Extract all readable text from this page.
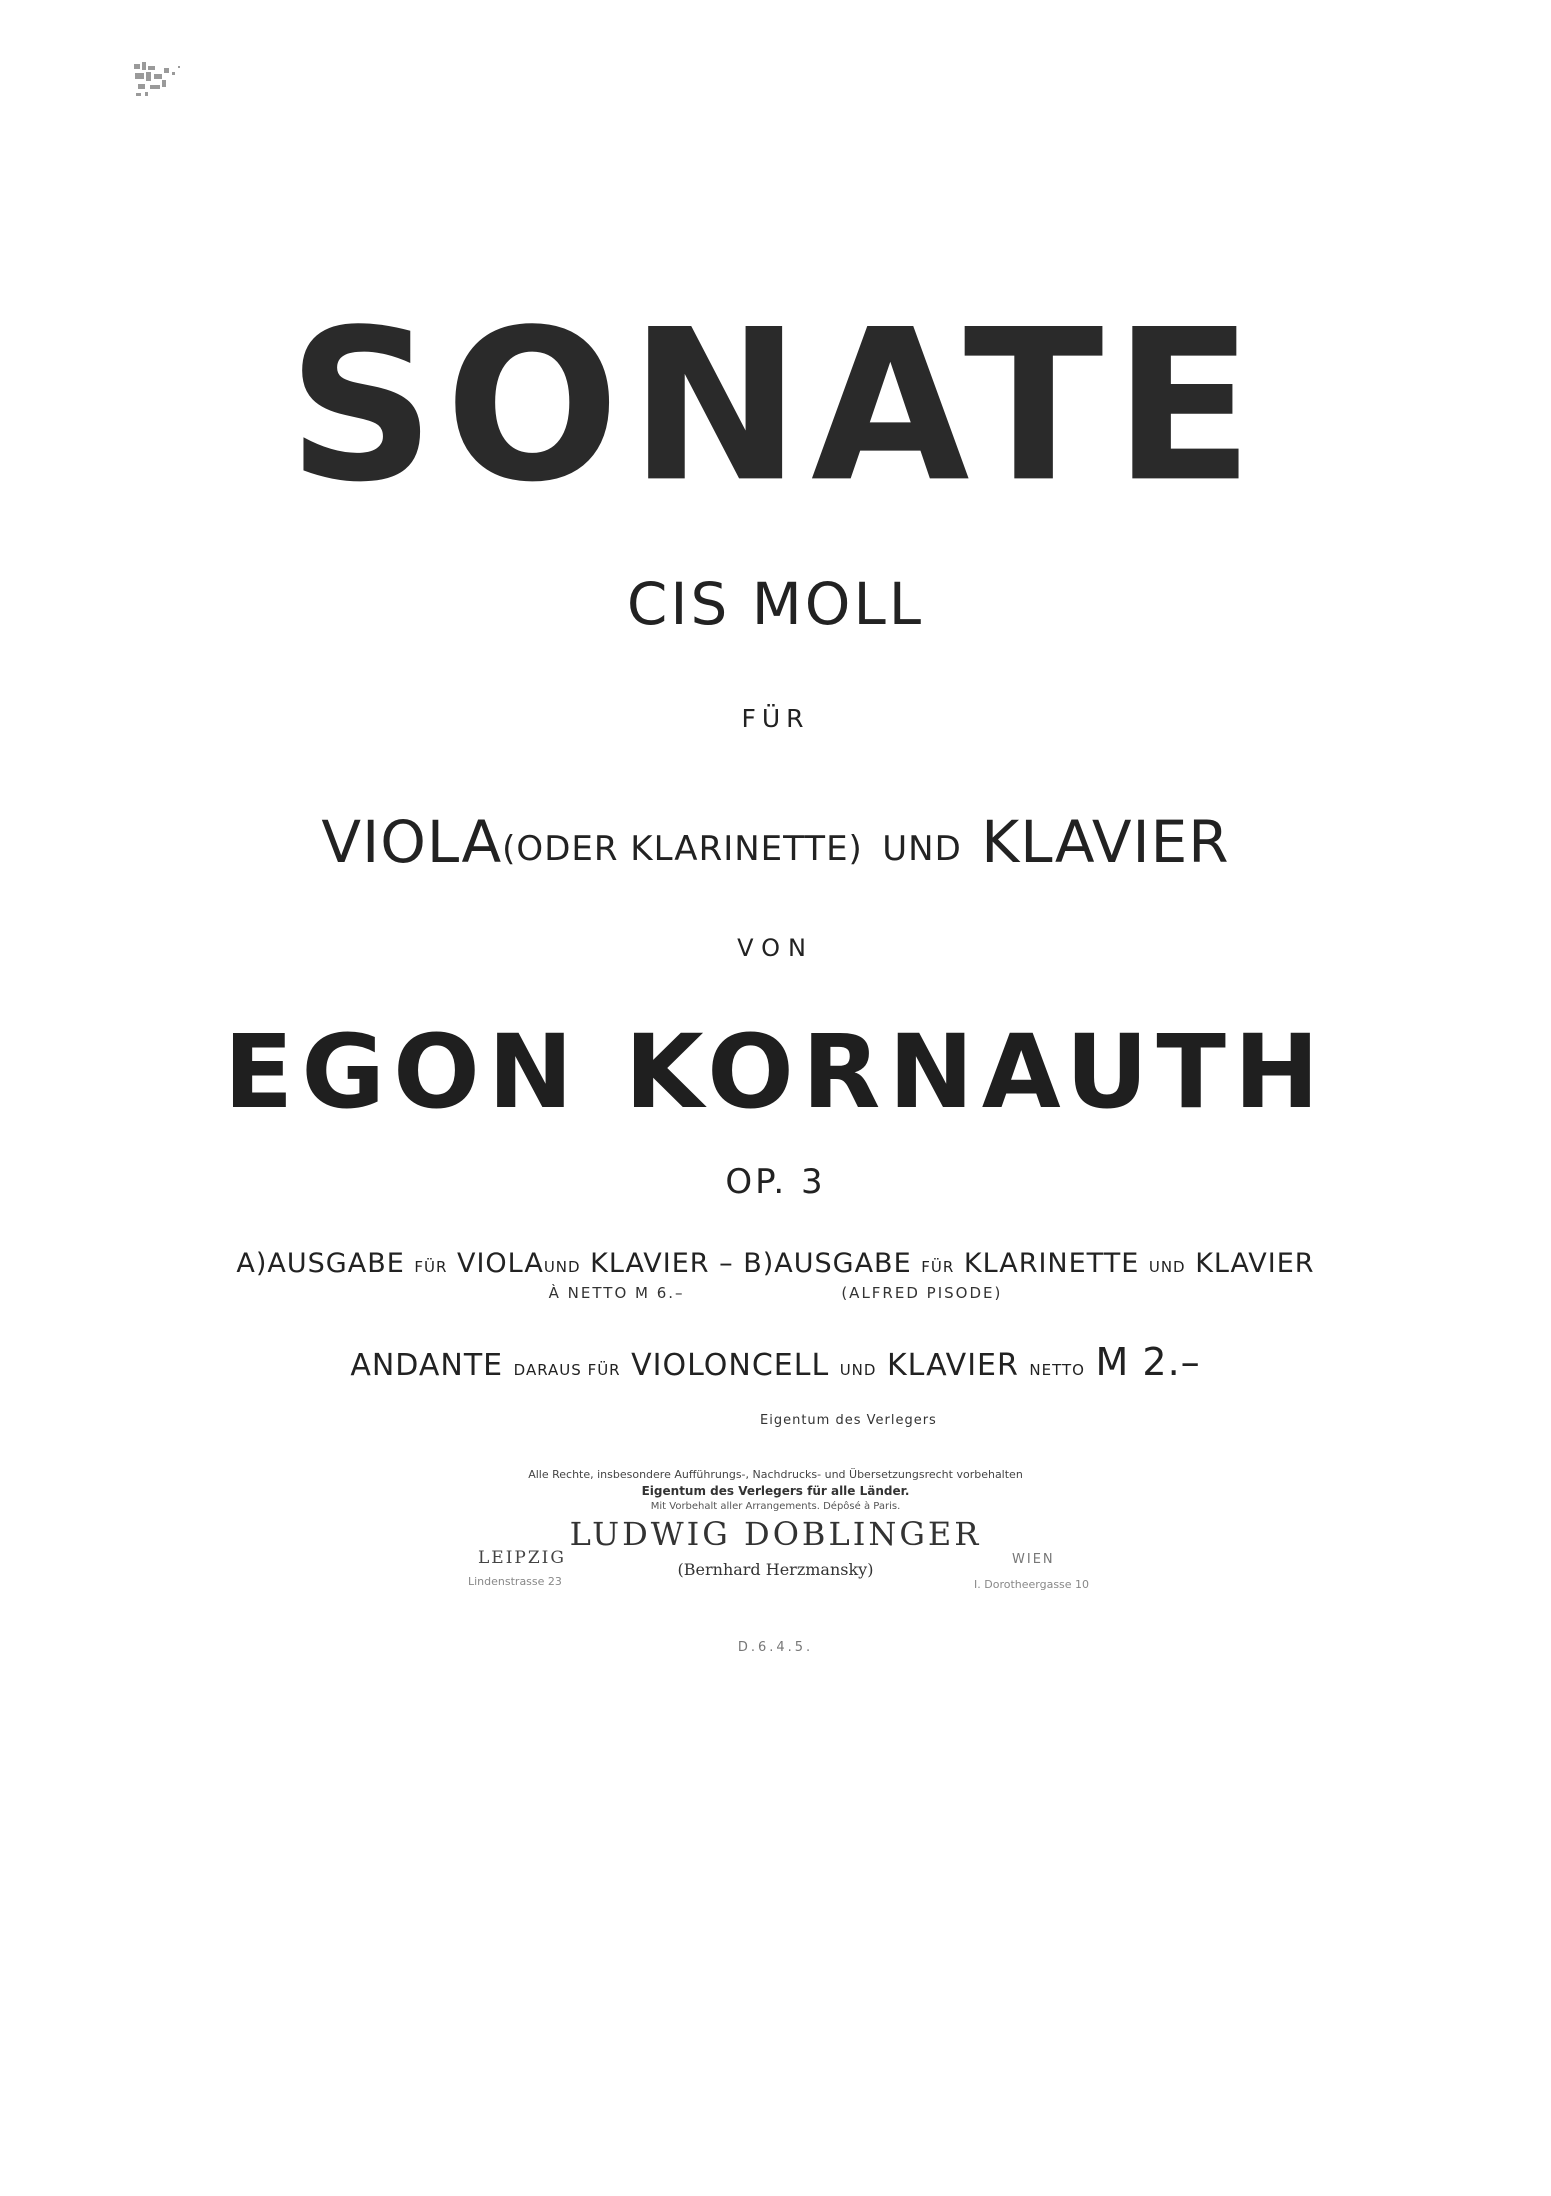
SONATE
CIS MOLL
FÜR
VIOLA(ODER KLARINETTE) UND KLAVIER
VON
EGON KORNAUTH
OP. 3
A)AUSGABE FÜR VIOLAUND KLAVIER – B)AUSGABE FÜR KLARINETTE UND KLAVIER
À NETTO M 6.–	(ALFRED PISODE)
ANDANTE DARAUS FÜR VIOLONCELL UND KLAVIER NETTO M 2.–
Eigentum des Verlegers
Alle Rechte, insbesondere Aufführungs-, Nachdrucks- und Übersetzungsrecht vorbehalten
Eigentum des Verlegers für alle Länder.
Mit Vorbehalt aller Arrangements. Dépôsé à Paris.
LUDWIG DOBLINGER
(Bernhard Herzmansky)
LEIPZIG
Lindenstrasse 23
WIEN
I. Dorotheergasse 10
D.6.4.5.
